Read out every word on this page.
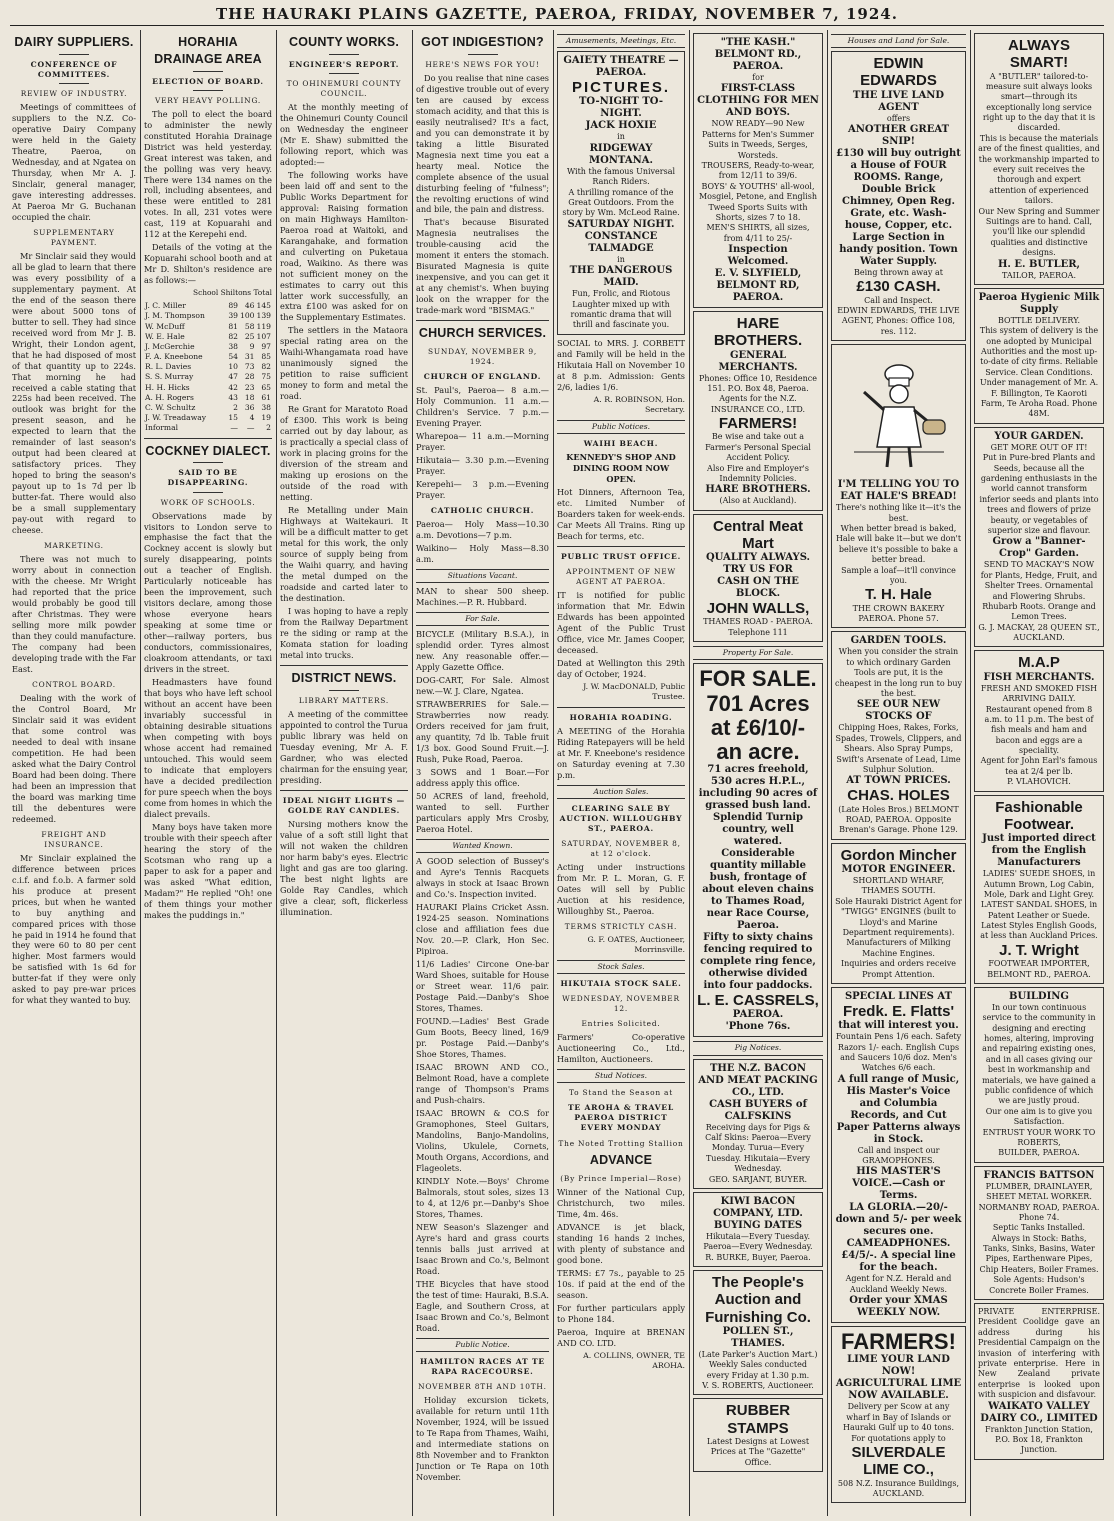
THE HAURAKI PLAINS GAZETTE, PAEROA, FRIDAY, NOVEMBER 7, 1924.
DAIRY SUPPLIERS.
CONFERENCE OF COMMITTEES.
REVIEW OF INDUSTRY.

Meetings of committees of suppliers to the N.Z. Co-operative Dairy Company were held in the Gaiety Theatre, Paeroa, on Wednesday, and at Ngatea on Thursday, when Mr A. J. Sinclair, general manager, gave interesting addresses. At Paeroa Mr G. Buchanan occupied the chair.

SUPPLEMENTARY PAYMENT.

Mr Sinclair said they would all be glad to learn that there was every possibility of a supplementary payment. At the end of the season there were about 5000 tons of butter to sell. They had since received word from Mr J. B. Wright, their London agent, that he had disposed of most of that quantity up to 224s. That morning he had received a cable stating that 225s had been received. The outlook was bright for the present season, and he expected to learn that the remainder of last season's output had been cleared at satisfactory prices. They hoped to bring the season's payout up to 1s 7d per lb butter-fat. There would also be a small supplementary pay-out with regard to cheese.

MARKETING.

There was not much to worry about in connection with the cheese. Mr Wright had reported that the price would probably be good till after Christmas. They were selling more milk powder than they could manufacture. The company had been developing trade with the Far East.

CONTROL BOARD.

Dealing with the work of the Control Board, Mr Sinclair said it was evident that some control was needed to deal with insane competition. He had been asked what the Dairy Control Board had been doing. There had been an impression that the board was marking time till the debentures were redeemed.

FREIGHT AND INSURANCE.

Mr Sinclair explained the difference between prices c.i.f. and f.o.b. A farmer sold his produce at present prices, but when he wanted to buy anything and compared prices with those he paid in 1914 he found that they were 60 to 80 per cent higher. Most farmers would be satisfied with 1s 6d for butter-fat if they were only asked to pay pre-war prices for what they wanted to buy.

HORAHIA DRAINAGE AREA
ELECTION OF BOARD.
VERY HEAVY POLLING.

The poll to elect the board to administer the newly constituted Horahia Drainage District was held yesterday. Great interest was taken, and the polling was very heavy. There were 134 names on the roll, including absentees, and these were entitled to 281 votes. In all, 231 votes were cast, 119 at Kopuarahi and 112 at the Kerepehi end.

Details of the voting at the Kopuarahi school booth and at Mr D. Shilton's residence are as follows:—

School Shiltons Total
J. C. Miller	89	46	145
J. M. Thompson	39	100	139
W. McDuff	81	58	119
W. E. Hale	82	25	107
J. McGerchie	38	9	97
F. A. Kneebone	54	31	85
R. L. Davies	10	73	82
S. S. Murray	47	28	75
H. H. Hicks	42	23	65
A. H. Rogers	43	18	61
C. W. Schultz	2	36	38
J. W. Treadaway	15	4	19
Informal	—	—	2
COCKNEY DIALECT.
SAID TO BE DISAPPEARING.
WORK OF SCHOOLS.

Observations made by visitors to London serve to emphasise the fact that the Cockney accent is slowly but surely disappearing, points out a teacher of English. Particularly noticeable has been the improvement, such visitors declare, among those whose everyone hears speaking at some time or other—railway porters, bus conductors, commissionaires, cloakroom attendants, or taxi drivers in the street.

Headmasters have found that boys who have left school without an accent have been invariably successful in obtaining desirable situations when competing with boys whose accent had remained untouched. This would seem to indicate that employers have a decided predilection for pure speech when the boys come from homes in which the dialect prevails.

Many boys have taken more trouble with their speech after hearing the story of the Scotsman who rang up a paper to ask for a paper and was asked "What edition, Madam?" He replied "Oh! one of them things your mother makes the puddings in."

COUNTY WORKS.
ENGINEER'S REPORT.
TO OHINEMURI COUNTY COUNCIL.

At the monthly meeting of the Ohinemuri County Council on Wednesday the engineer (Mr E. Shaw) submitted the following report, which was adopted:—

The following works have been laid off and sent to the Public Works Department for approval: Raising formation on main Highways Hamilton-Paeroa road at Waitoki, and Karangahake, and formation and culverting on Puketaua road, Waikino. As there was not sufficient money on the estimates to carry out this latter work successfully, an extra £100 was asked for on the Supplementary Estimates.

The settlers in the Mataora special rating area on the Waihi-Whangamata road have unanimously signed the petition to raise sufficient money to form and metal the road.

Re Grant for Maratoto Road of £300. This work is being carried out by day labour, as is practically a special class of work in placing groins for the diversion of the stream and making up erosions on the outside of the road with netting.

Re Metalling under Main Highways at Waitekauri. It will be a difficult matter to get metal for this work, the only source of supply being from the Waihi quarry, and having the metal dumped on the roadside and carted later to the destination.

I was hoping to have a reply from the Railway Department re the siding or ramp at the Komata station for loading metal into trucks.

DISTRICT NEWS.
LIBRARY MATTERS.

A meeting of the committee appointed to control the Turua public library was held on Tuesday evening, Mr A. F. Gardner, who was elected chairman for the ensuing year, presiding.

IDEAL NIGHT LIGHTS — GOLDE RAY CANDLES.

Nursing mothers know the value of a soft still light that will not waken the children nor harm baby's eyes. Electric light and gas are too glaring. The best night lights are Golde Ray Candles, which give a clear, soft, flickerless illumination.

GOT INDIGESTION?
HERE'S NEWS FOR YOU!

Do you realise that nine cases of digestive trouble out of every ten are caused by excess stomach acidity, and that this is easily neutralised? It's a fact, and you can demonstrate it by taking a little Bisurated Magnesia next time you eat a hearty meal. Notice the complete absence of the usual disturbing feeling of "fulness"; the revolting eructions of wind and bile, the pain and distress.

That's because Bisurated Magnesia neutralises the trouble-causing acid the moment it enters the stomach. Bisurated Magnesia is quite inexpensive, and you can get it at any chemist's. When buying look on the wrapper for the trade-mark word "BISMAG."

CHURCH SERVICES.
SUNDAY, NOVEMBER 9, 1924.
CHURCH OF ENGLAND.
St. Paul's, Paeroa— 8 a.m.—Holy Communion. 11 a.m.—Children's Service. 7 p.m.—Evening Prayer.
Wharepoa— 11 a.m.—Morning Prayer.
Hikutaia— 3.30 p.m.—Evening Prayer.
Kerepehi— 3 p.m.—Evening Prayer.
CATHOLIC CHURCH.
Paeroa— Holy Mass—10.30 a.m. Devotions—7 p.m.
Waikino— Holy Mass—8.30 a.m.
Situations Vacant.
MAN to shear 500 sheep. Machines.—P. R. Hubbard.
For Sale.
BICYCLE (Military B.S.A.), in splendid order. Tyres almost new. Any reasonable offer.—Apply Gazette Office.
DOG-CART, For Sale. Almost new.—W. J. Clare, Ngatea.
STRAWBERRIES for Sale.—Strawberries now ready. Orders received for jam fruit, any quantity, 7d lb. Table fruit 1/3 box. Good Sound Fruit.—J. Rush, Puke Road, Paeroa.
3 SOWS and 1 Boar.—For address apply this office.
50 ACRES of land, freehold, wanted to sell. Further particulars apply Mrs Crosby, Paeroa Hotel.
Wanted Known.
A GOOD selection of Bussey's and Ayre's Tennis Racquets always in stock at Isaac Brown and Co.'s. Inspection invited.
HAURAKI Plains Cricket Assn. 1924-25 season. Nominations close and affiliation fees due Nov. 20.—P. Clark, Hon Sec. Pipiroa.
11/6 Ladies' Circone One-bar Ward Shoes, suitable for House or Street wear. 11/6 pair. Postage Paid.—Danby's Shoe Stores, Thames.
FOUND.—Ladies' Best Grade Gum Boots, Beecy lined, 16/9 pr. Postage Paid.—Danby's Shoe Stores, Thames.
ISAAC BROWN AND CO., Belmont Road, have a complete range of Thompson's Prams and Push-chairs.
ISAAC BROWN & CO.S for Gramophones, Steel Guitars, Mandolins, Banjo-Mandolins, Violins, Ukulele, Cornets, Mouth Organs, Accordions, and Flageolets.
KINDLY Note.—Boys' Chrome Balmorals, stout soles, sizes 13 to 4, at 12/6 pr.—Danby's Shoe Stores, Thames.
NEW Season's Slazenger and Ayre's hard and grass courts tennis balls just arrived at Isaac Brown and Co.'s, Belmont Road.
THE Bicycles that have stood the test of time: Hauraki, B.S.A. Eagle, and Southern Cross, at Isaac Brown and Co.'s, Belmont Road.
Public Notice.
HAMILTON RACES AT TE RAPA RACECOURSE.
NOVEMBER 8TH AND 10TH.

Holiday excursion tickets, available for return until 11th November, 1924, will be issued to Te Rapa from Thames, Waihi, and intermediate stations on 8th November and to Frankton Junction or Te Rapa on 10th November.

Amusements, Meetings, Etc.
GAIETY THEATRE — PAEROA.
PICTURES.
TO-NIGHT TO-NIGHT.
JACK HOXIE
in
RIDGEWAY MONTANA.
With the famous Universal Ranch Riders.
A thrilling romance of the Great Outdoors. From the story by Wm. McLeod Raine.
SATURDAY NIGHT.
CONSTANCE TALMADGE
in
THE DANGEROUS MAID.
Fun, Frolic, and Riotous Laughter mixed up with romantic drama that will thrill and fascinate you.
SOCIAL to MRS. J. CORBETT and Family will be held in the Hikutaia Hall on November 10 at 8 p.m. Admission: Gents 2/6, ladies 1/6.
A. R. ROBINSON, Hon. Secretary.
Public Notices.
WAIHI BEACH.
KENNEDY'S SHOP AND DINING ROOM NOW OPEN.
Hot Dinners, Afternoon Tea, etc. Limited Number of Boarders taken for week-ends. Car Meets All Trains. Ring up Beach for terms, etc.
PUBLIC TRUST OFFICE.
APPOINTMENT OF NEW AGENT AT PAEROA.
IT is notified for public information that Mr. Edwin Edwards has been appointed Agent of the Public Trust Office, vice Mr. James Cooper, deceased.
Dated at Wellington this 29th day of October, 1924.
J. W. MacDONALD, Public Trustee.
HORAHIA ROADING.
A MEETING of the Horahia Riding Ratepayers will be held at Mr. F. Kneebone's residence on Saturday evening at 7.30 p.m.
Auction Sales.
CLEARING SALE BY AUCTION. WILLOUGHBY ST., PAEROA.
SATURDAY, NOVEMBER 8, at 12 o'clock.
Acting under instructions from Mr. P. L. Moran, G. F. Oates will sell by Public Auction at his residence, Willoughby St., Paeroa.
TERMS STRICTLY CASH.
G. F. OATES, Auctioneer, Morrinsville.
Stock Sales.
HIKUTAIA STOCK SALE.
WEDNESDAY, NOVEMBER 12.
Entries Solicited.
Farmers' Co-operative Auctioneering Co., Ltd., Hamilton, Auctioneers.
Stud Notices.
To Stand the Season at
TE AROHA & TRAVEL PAEROA DISTRICT EVERY MONDAY
The Noted Trotting Stallion
ADVANCE
(By Prince Imperial—Rose)
Winner of the National Cup, Christchurch, two miles. Time, 4m. 46s.
ADVANCE is jet black, standing 16 hands 2 inches, with plenty of substance and good bone.
TERMS: £7 7s., payable to 25 10s. if paid at the end of the season.
For further particulars apply to Phone 184.
Paeroa, Inquire at BRENAN AND CO. LTD.
A. COLLINS, OWNER, TE AROHA.
"THE KASH."
BELMONT RD., PAEROA.
for
FIRST-CLASS CLOTHING FOR MEN AND BOYS.
NOW READY—90 New Patterns for Men's Summer Suits in Tweeds, Serges, Worsteds.
TROUSERS, Ready-to-wear, from 12/11 to 39/6.
BOYS' & YOUTHS' all-wool, Mosgiel, Petone, and English Tweed Sports Suits with Shorts, sizes 7 to 18.
MEN'S SHIRTS, all sizes, from 4/11 to 25/-
Inspection Welcomed.
E. V. SLYFIELD, BELMONT RD, PAEROA.
HARE BROTHERS.
GENERAL MERCHANTS.
Phones: Office 10, Residence 151. P.O. Box 48, Paeroa.
Agents for the N.Z. INSURANCE CO., LTD.
FARMERS!
Be wise and take out a Farmer's Personal Special Accident Policy.
Also Fire and Employer's Indemnity Policies.
HARE BROTHERS.
(Also at Auckland).
Central Meat Mart
QUALITY ALWAYS.
TRY US FOR
CASH ON THE BLOCK.
JOHN WALLS,
THAMES ROAD - PAEROA.
Telephone 111
Property For Sale.
FOR SALE.
701 Acres at £6/10/- an acre.
71 acres freehold, 530 acres H.P.L., including 90 acres of grassed bush land. Splendid Turnip country, well watered.
Considerable quantity millable bush, frontage of about eleven chains to Thames Road, near Race Course, Paeroa.
Fifty to sixty chains fencing required to complete ring fence, otherwise divided into four paddocks.
L. E. CASSRELS,
PAEROA.
'Phone 76s.
Pig Notices.
THE N.Z. BACON AND MEAT PACKING CO., LTD.
CASH BUYERS of CALFSKINS
Receiving days for Pigs & Calf Skins: Paeroa—Every Monday. Turua—Every Tuesday. Hikutaia—Every Wednesday.
GEO. SARJANT, BUYER.
KIWI BACON COMPANY, LTD.
BUYING DATES
Hikutaia—Every Tuesday. Paeroa—Every Wednesday.
R. BURKE, Buyer, Paeroa.
The People's Auction and Furnishing Co.
POLLEN ST., THAMES.
(Late Parker's Auction Mart.)
Weekly Sales conducted every Friday at 1.30 p.m.
V. S. ROBERTS, Auctioneer.
RUBBER STAMPS
Latest Designs at Lowest Prices at The "Gazette" Office.
Houses and Land for Sale.
EDWIN EDWARDS
THE LIVE LAND AGENT
offers
ANOTHER GREAT SNIP!
£130 will buy outright a House of FOUR ROOMS. Range, Double Brick Chimney, Open Reg. Grate, etc. Wash-house, Copper, etc. Large Section in handy position. Town Water Supply.
Being thrown away at
£130 CASH.
Call and Inspect.
EDWIN EDWARDS, THE LIVE AGENT, Phones: Office 108, res. 112.
I'M TELLING YOU TO EAT HALE'S BREAD!
There's nothing like it—it's the best.
When better bread is baked, Hale will bake it—but we don't believe it's possible to bake a better bread.
Sample a loaf—it'll convince you.
T. H. Hale
THE CROWN BAKERY PAEROA. Phone 57.
GARDEN TOOLS.
When you consider the strain to which ordinary Garden Tools are put, it is the cheapest in the long run to buy the best.
SEE OUR NEW STOCKS OF
Chipping Hoes, Rakes, Forks, Spades, Trowels, Clippers, and Shears. Also Spray Pumps, Swift's Arsenate of Lead, Lime Sulphur Solution.
AT TOWN PRICES.
CHAS. HOLES
(Late Holes Bros.) BELMONT ROAD, PAEROA. Opposite Brenan's Garage. Phone 129.
Gordon Mincher
MOTOR ENGINEER.
SHORTLAND WHARF, THAMES SOUTH.
Sole Hauraki District Agent for "TWIGG" ENGINES (built to Lloyd's and Marine Department requirements).
Manufacturers of Milking Machine Engines.
Inquiries and orders receive Prompt Attention.
SPECIAL LINES AT
Fredk. E. Flatts'
that will interest you.
Fountain Pens 1/6 each. Safety Razors 1/- each. English Cups and Saucers 10/6 doz. Men's Watches 6/6 each.
A full range of Music, His Master's Voice and Columbia Records, and Cut Paper Patterns always in Stock.
Call and inspect our GRAMOPHONES.
HIS MASTER'S VOICE.—Cash or Terms.
LA GLORIA.—20/- down and 5/- per week secures one.
CAMEADPHONES. £4/5/-. A special line for the beach.
Agent for N.Z. Herald and Auckland Weekly News.
Order your XMAS WEEKLY NOW.
FARMERS!
LIME YOUR LAND NOW!
AGRICULTURAL LIME NOW AVAILABLE.
Delivery per Scow at any wharf in Bay of Islands or Hauraki Gulf up to 40 tons.
For quotations apply to
SILVERDALE LIME CO.,
508 N.Z. Insurance Buildings, AUCKLAND.
ALWAYS SMART!
A "BUTLER" tailored-to-measure suit always looks smart—through its exceptionally long service right up to the day that it is discarded.
This is because the materials are of the finest qualities, and the workmanship imparted to every suit receives the thorough and expert attention of experienced tailors.
Our New Spring and Summer Suitings are to hand. Call, you'll like our splendid qualities and distinctive designs.
H. E. BUTLER,
TAILOR, PAEROA.
Paeroa Hygienic Milk Supply
BOTTLE DELIVERY.
This system of delivery is the one adopted by Municipal Authorities and the most up-to-date of city firms. Reliable Service. Clean Conditions.
Under management of Mr. A. F. Billington, Te Kaoroti Farm, Te Aroha Road. Phone 48M.
YOUR GARDEN.
GET MORE OUT OF IT!
Put in Pure-bred Plants and Seeds, because all the gardening enthusiasts in the world cannot transform inferior seeds and plants into trees and flowers of prize beauty, or vegetables of superior size and flavour.
Grow a "Banner-Crop" Garden.
SEND TO MACKAY'S NOW for Plants, Hedge, Fruit, and Shelter Trees. Ornamental and Flowering Shrubs. Rhubarb Roots. Orange and Lemon Trees.
G. J. MACKAY, 28 QUEEN ST., AUCKLAND.
M.A.P
FISH MERCHANTS.
FRESH AND SMOKED FISH ARRIVING DAILY.
Restaurant opened from 8 a.m. to 11 p.m. The best of fish meals and ham and bacon and eggs are a speciality.
Agent for John Earl's famous tea at 2/4 per lb.
P. VLAHOVICH.
Fashionable Footwear.
Just imported direct from the English Manufacturers
LADIES' SUEDE SHOES, in Autumn Brown, Log Cabin, Mole, Dark and Light Grey.
LATEST SANDAL SHOES, in Patent Leather or Suede.
Latest Styles English Goods, at less than Auckland Prices.
J. T. Wright
FOOTWEAR IMPORTER, BELMONT RD., PAEROA.
BUILDING
In our town continuous service to the community in designing and erecting homes, altering, improving and repairing existing ones, and in all cases giving our best in workmanship and materials, we have gained a public confidence of which we are justly proud.
Our one aim is to give you Satisfaction.
ENTRUST YOUR WORK TO ROBERTS,
BUILDER, PAEROA.
FRANCIS BATTSON
PLUMBER, DRAINLAYER, SHEET METAL WORKER.
NORMANBY ROAD, PAEROA. Phone 74.
Septic Tanks Installed.
Always in Stock: Baths, Tanks, Sinks, Basins, Water Pipes, Earthenware Pipes, Chip Heaters, Boiler Frames.
Sole Agents: Hudson's Concrete Boiler Frames.
PRIVATE ENTERPRISE. President Coolidge gave an address during his Presidential Campaign on the invasion of interfering with private enterprise. Here in New Zealand private enterprise is looked upon with suspicion and disfavour.
WAIKATO VALLEY DAIRY CO., LIMITED
Frankton Junction Station, P.O. Box 18, Frankton Junction.
